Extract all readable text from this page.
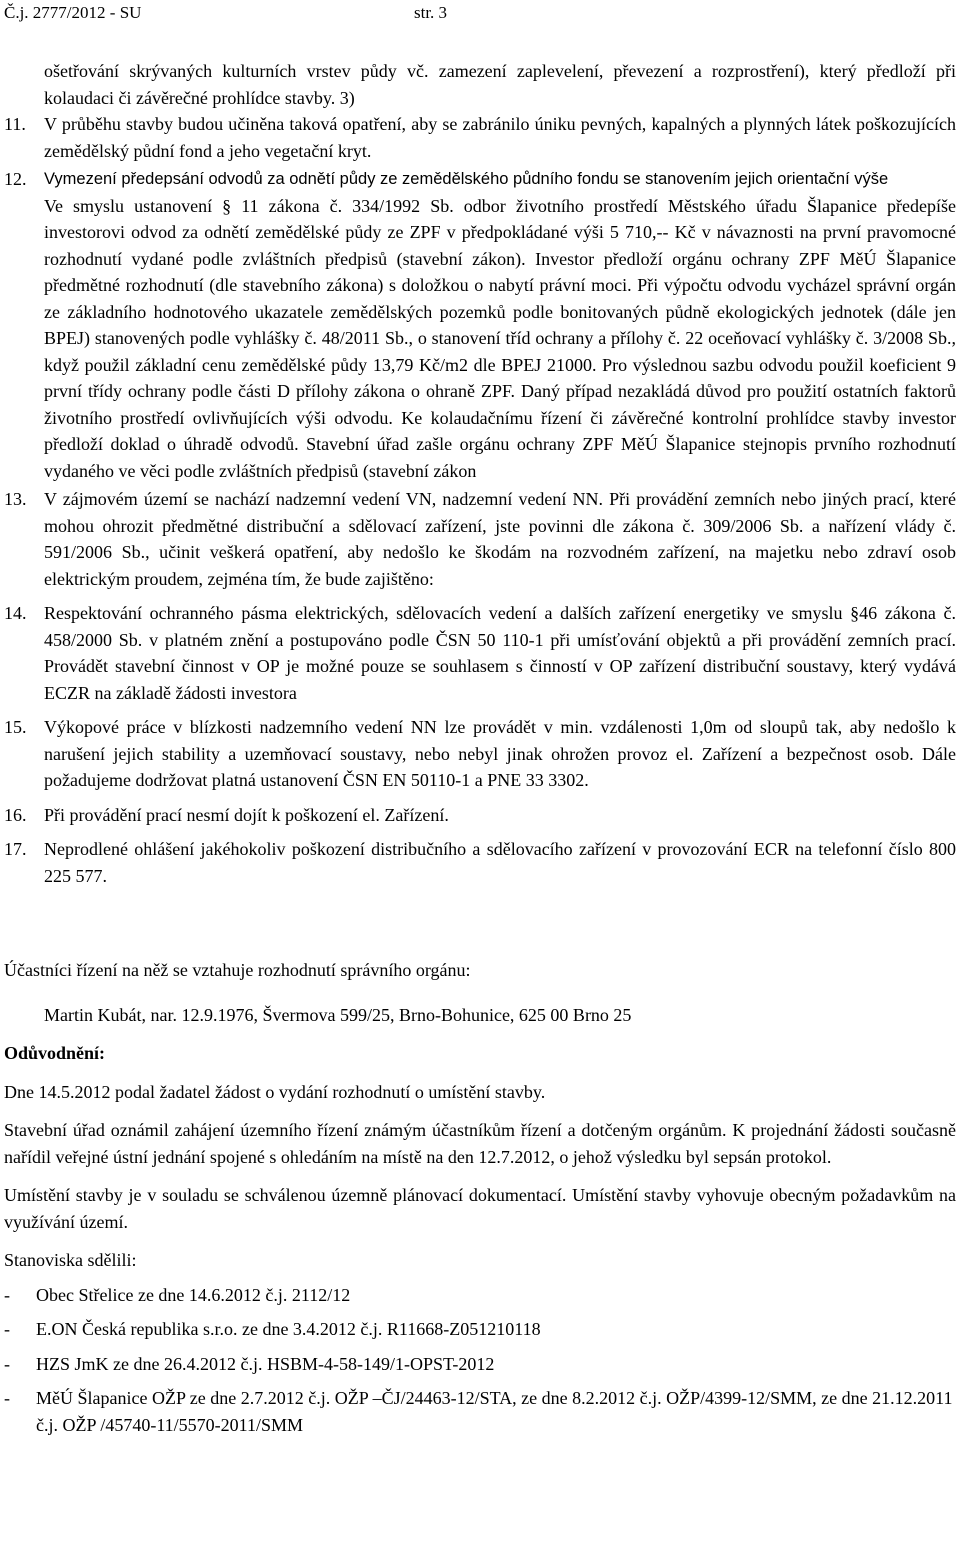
Č.j. 2777/2012 - SU	str. 3
ošetřování skrývaných kulturních vrstev půdy vč. zamezení zaplevelení, převezení a rozprostření), který předloží při kolaudaci či závěrečné prohlídce stavby. 3)
11.	V průběhu stavby budou učiněna taková opatření, aby se zabránilo úniku pevných, kapalných a plynných látek poškozujících zemědělský půdní fond a jeho vegetační kryt.
12.	Vymezení předepsání odvodů za odnětí půdy ze zemědělského půdního fondu se stanovením jejich orientační výše
Ve smyslu ustanovení § 11 zákona č. 334/1992 Sb. odbor životního prostředí Městského úřadu Šlapanice předepíše investorovi odvod za odnětí zemědělské půdy ze ZPF v předpokládané výši 5 710,-- Kč v návaznosti na první pravomocné rozhodnutí vydané podle zvláštních předpisů (stavební zákon). Investor předloží orgánu ochrany ZPF MěÚ Šlapanice předmětné rozhodnutí (dle stavebního zákona) s doložkou o nabytí právní moci. Při výpočtu odvodu vycházel správní orgán ze základního hodnotového ukazatele zemědělských pozemků podle bonitovaných půdně ekologických jednotek (dále jen BPEJ) stanovených podle vyhlášky č. 48/2011 Sb., o stanovení tříd ochrany a přílohy č. 22 oceňovací vyhlášky č. 3/2008 Sb., když použil základní cenu zemědělské půdy 13,79 Kč/m2 dle BPEJ 21000. Pro výslednou sazbu odvodu použil koeficient 9 první třídy ochrany podle části D přílohy zákona o ohraně ZPF. Daný případ nezakládá důvod pro použití ostatních faktorů životního prostředí ovlivňujících výši odvodu. Ke kolaudačnímu řízení či závěrečné kontrolní prohlídce stavby investor předloží doklad o úhradě odvodů. Stavební úřad zašle orgánu ochrany ZPF MěÚ Šlapanice stejnopis prvního rozhodnutí vydaného ve věci podle zvláštních předpisů (stavební zákon
13. V zájmovém území se nachází nadzemní vedení VN, nadzemní vedení NN. Při provádění zemních nebo jiných prací, které mohou ohrozit předmětné distribuční a sdělovací zařízení, jste povinni dle zákona č. 309/2006 Sb. a nařízení vlády č. 591/2006 Sb., učinit veškerá opatření, aby nedošlo ke škodám na rozvodném zařízení, na majetku nebo zdraví osob elektrickým proudem, zejména tím, že bude zajištěno:
14. Respektování ochranného pásma elektrických, sdělovacích vedení a dalších zařízení energetiky ve smyslu §46 zákona č. 458/2000 Sb. v platném znění a postupováno podle ČSN 50 110-1 při umísťování objektů a při provádění zemních prací. Provádět stavební činnost v OP je možné pouze se souhlasem s činností v OP zařízení distribuční soustavy, který vydává ECZR na základě žádosti investora
15. Výkopové práce v blízkosti nadzemního vedení NN lze provádět v min. vzdálenosti 1,0m od sloupů tak, aby nedošlo k narušení jejich stability a uzemňovací soustavy, nebo nebyl jinak ohrožen provoz el. Zařízení a bezpečnost osob. Dále požadujeme dodržovat platná ustanovení ČSN EN 50110-1 a PNE 33 3302.
16. Při provádění prací nesmí dojít k poškození el. Zařízení.
17. Neprodlené ohlášení jakéhokoliv poškození distribučního a sdělovacího zařízení v provozování ECR na telefonní číslo 800 225 577.

Účastníci řízení na něž se vztahuje rozhodnutí správního orgánu:

Martin Kubát, nar. 12.9.1976, Švermova 599/25, Brno-Bohunice, 625 00 Brno 25

Odůvodnění:

Dne 14.5.2012 podal žadatel žádost o vydání rozhodnutí o umístění stavby.

Stavební úřad oznámil zahájení územního řízení známým účastníkům řízení a dotčeným orgánům. K projednání žádosti současně nařídil veřejné ústní jednání spojené s ohledáním na místě na den 12.7.2012, o jehož výsledku byl sepsán protokol.

Umístění stavby je v souladu se schválenou územně plánovací dokumentací. Umístění stavby vyhovuje obecným požadavkům na využívání území.

Stanoviska sdělili:

-	Obec Střelice ze dne 14.6.2012 č.j. 2112/12
-	E.ON Česká republika s.r.o. ze dne 3.4.2012 č.j. R11668-Z051210118
-	HZS JmK ze dne 26.4.2012 č.j. HSBM-4-58-149/1-OPST-2012
-	MěÚ Šlapanice OŽP ze dne 2.7.2012 č.j. OŽP –ČJ/24463-12/STA, ze dne 8.2.2012 č.j. OŽP/4399-12/SMM, ze dne 21.12.2011 č.j. OŽP /45740-11/5570-2011/SMM
